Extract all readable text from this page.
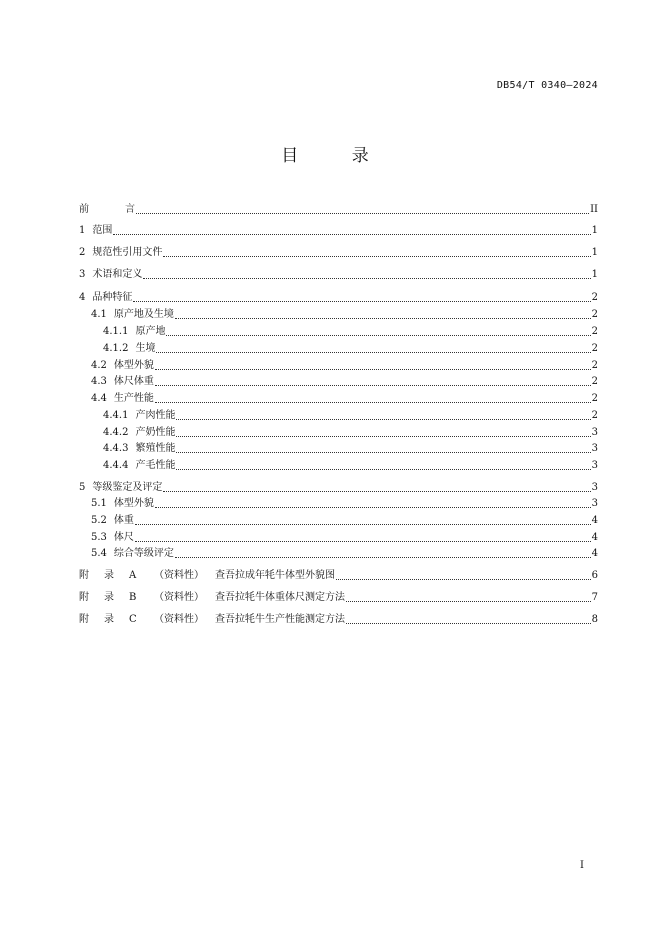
DB54/T 0340—2024
目 录
前	言	II
1 范围	1
2 规范性引用文件	1
3 术语和定义	1
4 品种特征	2
4.1 原产地及生境	2
4.1.1 原产地	2
4.1.2 生境	2
4.2 体型外貌	2
4.3 体尺体重	2
4.4 生产性能	2
4.4.1 产肉性能	2
4.4.2 产奶性能	3
4.4.3 繁殖性能	3
4.4.4 产毛性能	3
5 等级鉴定及评定	3
5.1 体型外貌	3
5.2 体重	4
5.3 体尺	4
5.4 综合等级评定	4
附 录 A （资料性） 查吾拉成年牦牛体型外貌图	6
附 录 B （资料性） 查吾拉牦牛体重体尺测定方法	7
附 录 C （资料性） 查吾拉牦牛生产性能测定方法	8
I
